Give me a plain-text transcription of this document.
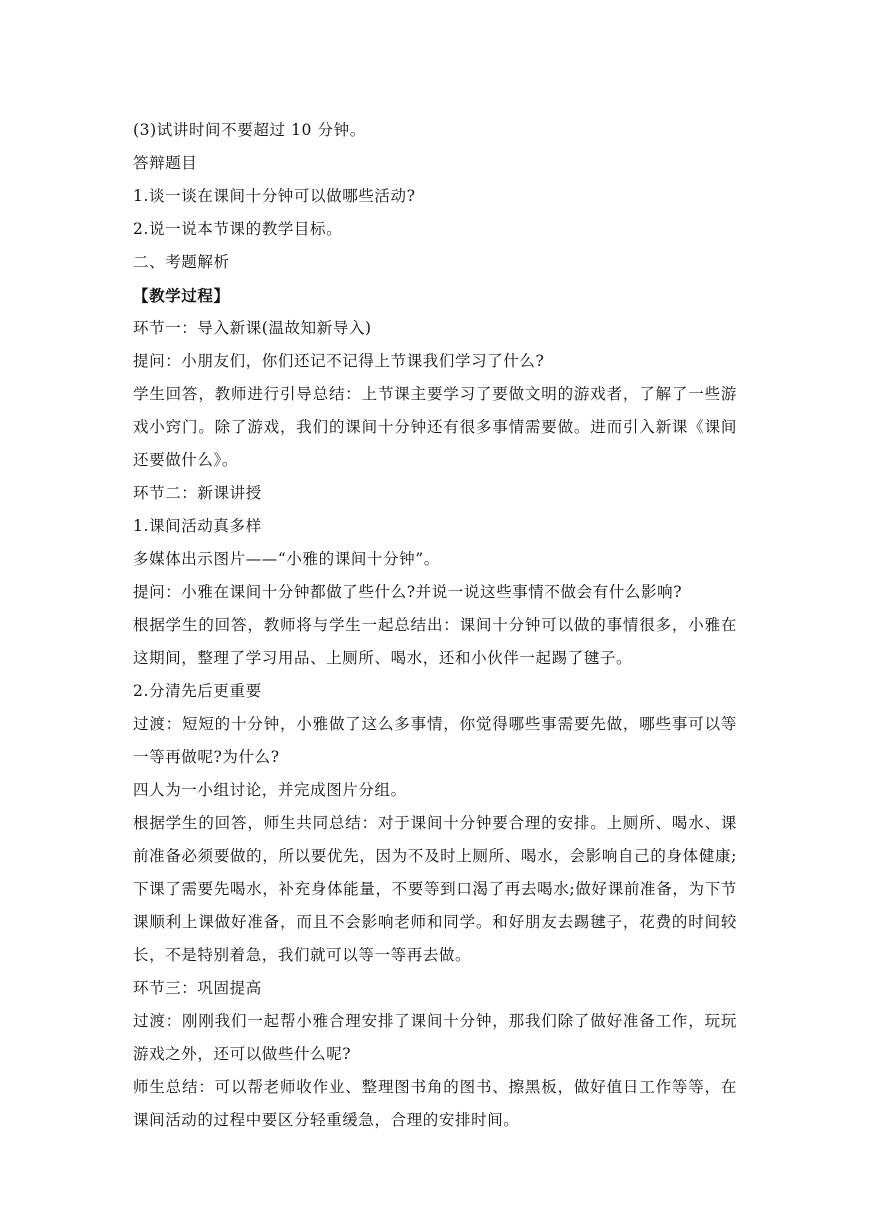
(3)试讲时间不要超过 10 分钟。

答辩题目

1.谈一谈在课间十分钟可以做哪些活动?

2.说一说本节课的教学目标。

二、考题解析

【教学过程】

环节一：导入新课(温故知新导入)

提问：小朋友们，你们还记不记得上节课我们学习了什么?

学生回答，教师进行引导总结：上节课主要学习了要做文明的游戏者，了解了一些游戏小窍门。除了游戏，我们的课间十分钟还有很多事情需要做。进而引入新课《课间还要做什么》。

环节二：新课讲授

1.课间活动真多样

多媒体出示图片——“小雅的课间十分钟”。

提问：小雅在课间十分钟都做了些什么?并说一说这些事情不做会有什么影响?

根据学生的回答，教师将与学生一起总结出：课间十分钟可以做的事情很多，小雅在这期间，整理了学习用品、上厕所、喝水，还和小伙伴一起踢了毽子。

2.分清先后更重要

过渡：短短的十分钟，小雅做了这么多事情，你觉得哪些事需要先做，哪些事可以等一等再做呢?为什么?

四人为一小组讨论，并完成图片分组。

根据学生的回答，师生共同总结：对于课间十分钟要合理的安排。上厕所、喝水、课前准备必须要做的，所以要优先，因为不及时上厕所、喝水，会影响自己的身体健康;下课了需要先喝水，补充身体能量，不要等到口渴了再去喝水;做好课前准备，为下节课顺利上课做好准备，而且不会影响老师和同学。和好朋友去踢毽子，花费的时间较长，不是特别着急，我们就可以等一等再去做。

环节三：巩固提高

过渡：刚刚我们一起帮小雅合理安排了课间十分钟，那我们除了做好准备工作，玩玩游戏之外，还可以做些什么呢?

师生总结：可以帮老师收作业、整理图书角的图书、擦黑板，做好值日工作等等，在课间活动的过程中要区分轻重缓急，合理的安排时间。
